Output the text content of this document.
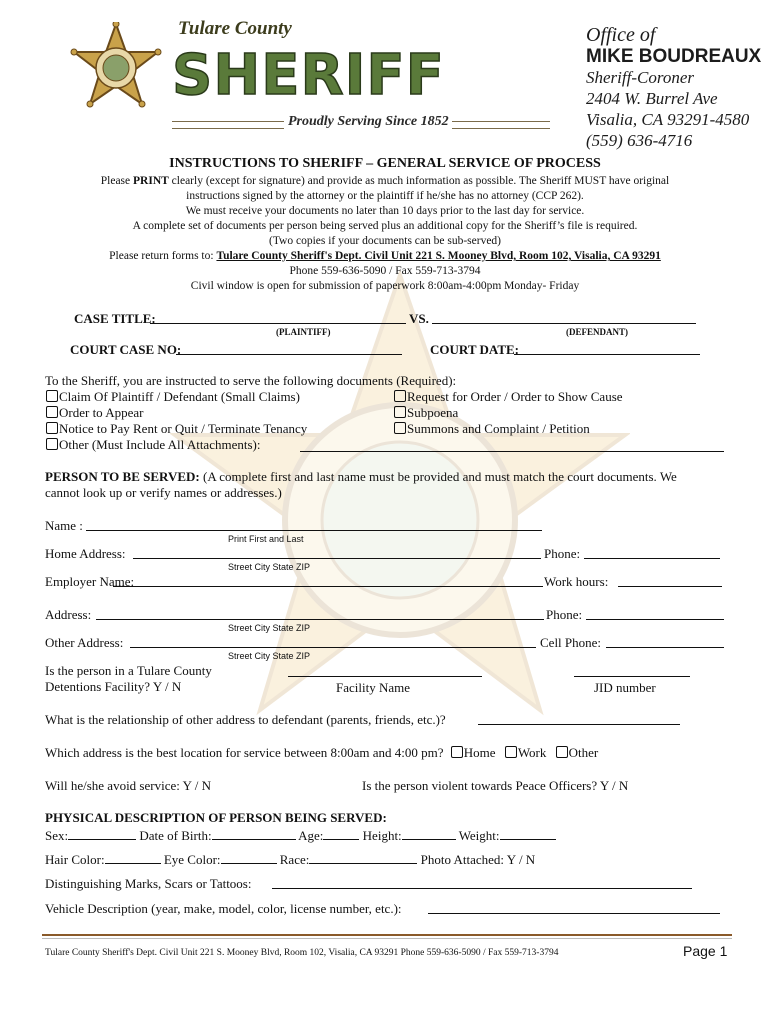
Tulare County
SHERIFF
Proudly Serving Since 1852
Office of
MIKE BOUDREAUX
Sheriff-Coroner
2404 W. Burrel Ave
Visalia, CA 93291-4580
(559) 636-4716
INSTRUCTIONS TO SHERIFF – GENERAL SERVICE OF PROCESS
Please PRINT clearly (except for signature) and provide as much information as possible. The Sheriff MUST have original
instructions signed by the attorney or the plaintiff if he/she has no attorney (CCP 262).
We must receive your documents no later than 10 days prior to the last day for service.
A complete set of documents per person being served plus an additional copy for the Sheriff’s file is required.
(Two copies if your documents can be sub-served)
Please return forms to: Tulare County Sheriff's Dept. Civil Unit 221 S. Mooney Blvd, Room 102, Visalia, CA 93291
Phone 559-636-5090 / Fax 559-713-3794
Civil window is open for submission of paperwork 8:00am-4:00pm Monday- Friday
CASE TITLE:	VS.
(PLAINTIFF)	(DEFENDANT)
COURT CASE NO:	COURT DATE:
To the Sheriff, you are instructed to serve the following documents (Required):
Claim Of Plaintiff / Defendant (Small Claims)
Order to Appear
Notice to Pay Rent or Quit / Terminate Tenancy
Other (Must Include All Attachments):
Request for Order / Order to Show Cause
Subpoena
Summons and Complaint / Petition
PERSON TO BE SERVED: (A complete first and last name must be provided and must match the court documents. We
cannot look up or verify names or addresses.)
Name :
Print First and Last
Home Address:	Phone:
Street City State ZIP
Employer Name:	Work hours:
Address:	Phone:
Street City State ZIP
Other Address:	Cell Phone:
Street City State ZIP
Is the person in a Tulare County
Detentions Facility? Y / N	Facility Name	JID number
What is the relationship of other address to defendant (parents, friends, etc.)?
Which address is the best location for service between 8:00am and 4:00 pm? Home Work Other
Will he/she avoid service: Y / N	Is the person violent towards Peace Officers? Y / N
PHYSICAL DESCRIPTION OF PERSON BEING SERVED:
Sex:	Date of Birth:	Age:	Height:	Weight:
Hair Color:	Eye Color:	Race:	Photo Attached: Y / N
Distinguishing Marks, Scars or Tattoos:
Vehicle Description (year, make, model, color, license number, etc.):
Tulare County Sheriff's Dept. Civil Unit 221 S. Mooney Blvd, Room 102, Visalia, CA 93291 Phone 559-636-5090 / Fax 559-713-3794	Page 1
